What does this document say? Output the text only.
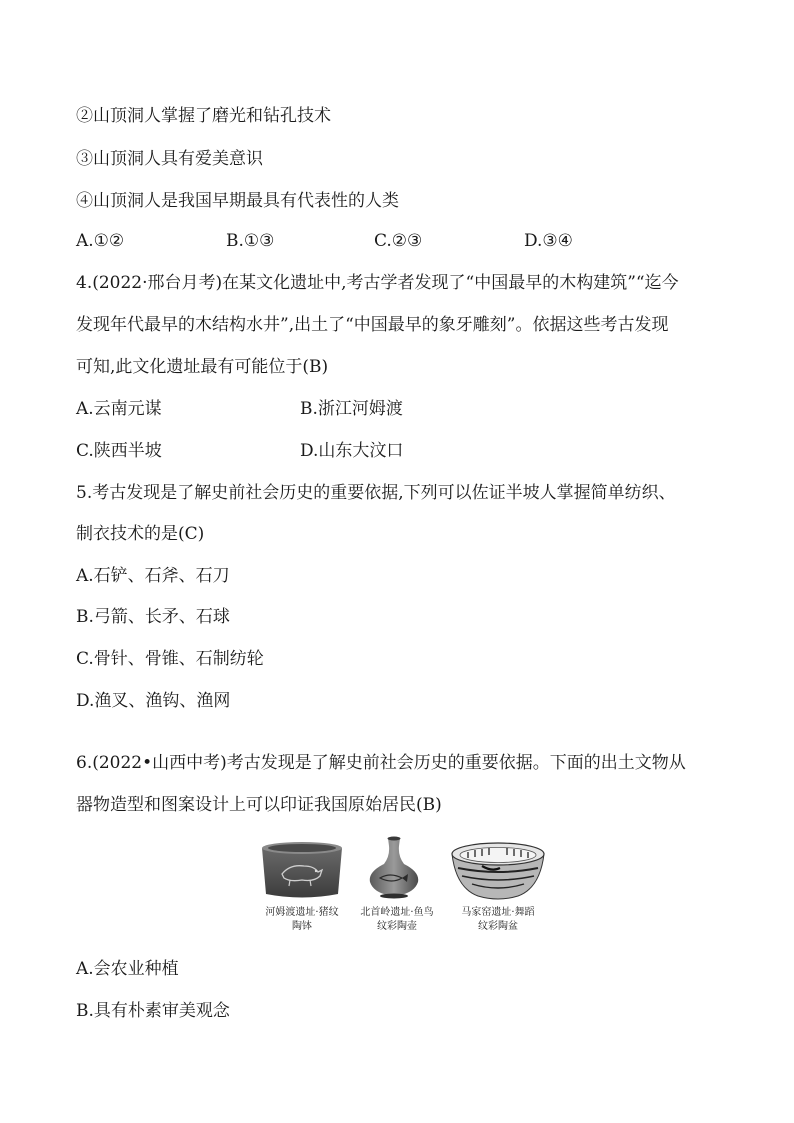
②山顶洞人掌握了磨光和钻孔技术
③山顶洞人具有爱美意识
④山顶洞人是我国早期最具有代表性的人类
A.①②	B.①③	C.②③	D.③④
4.(2022·邢台月考)在某文化遗址中,考古学者发现了“中国最早的木构建筑”“迄今
发现年代最早的木结构水井”,出土了“中国最早的象牙雕刻”。依据这些考古发现
可知,此文化遗址最有可能位于(B)
A.云南元谋	B.浙江河姆渡
C.陕西半坡	D.山东大汶口
5.考古发现是了解史前社会历史的重要依据,下列可以佐证半坡人掌握简单纺织、
制衣技术的是(C)
A.石铲、石斧、石刀
B.弓箭、长矛、石球
C.骨针、骨锥、石制纺轮
D.渔叉、渔钩、渔网
6.(2022•山西中考)考古发现是了解史前社会历史的重要依据。下面的出土文物从
器物造型和图案设计上可以印证我国原始居民(B)
河姆渡遗址·猪纹
陶钵
北首岭遗址·鱼鸟
纹彩陶壶
马家窑遗址·舞蹈
纹彩陶盆
A.会农业种植
B.具有朴素审美观念
